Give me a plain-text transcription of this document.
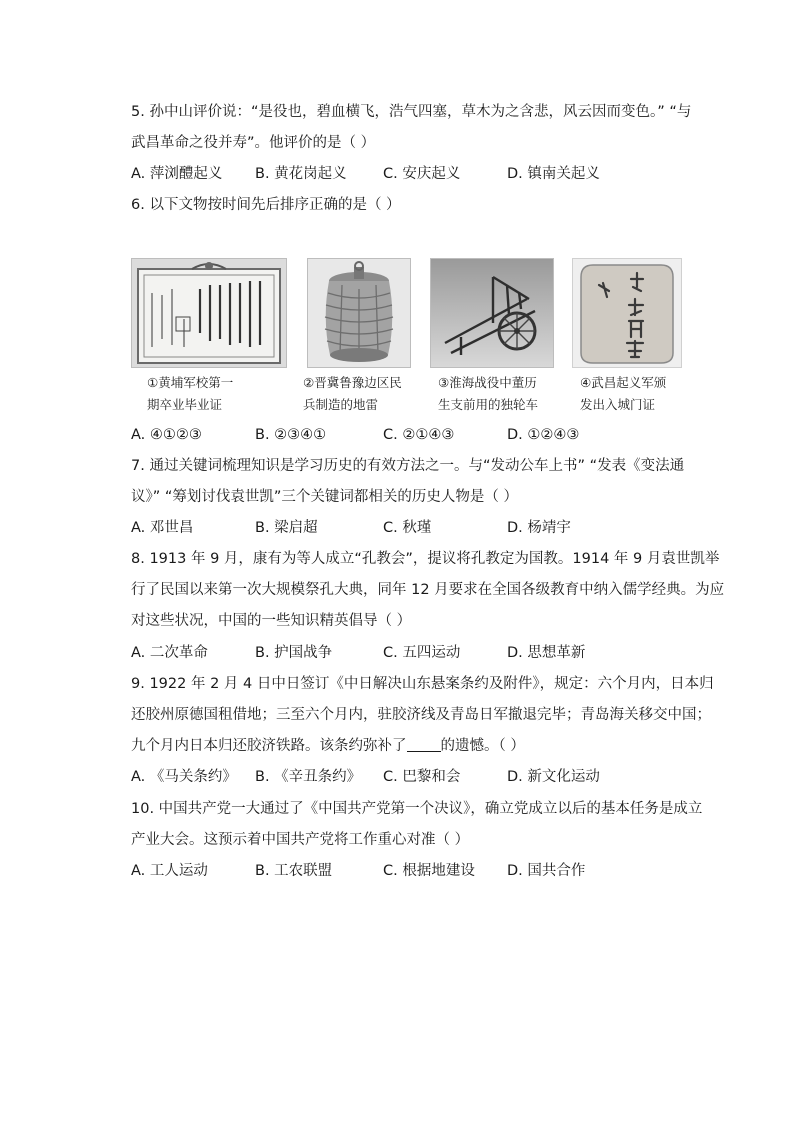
5. 孙中山评价说：“是役也，碧血横飞，浩气四塞，草木为之含悲，风云因而变色。” “与
武昌革命之役并寿”。他评价的是（ ）
A. 萍浏醴起义 B. 黄花岗起义	C. 安庆起义	D. 镇南关起义
6. 以下文物按时间先后排序正确的是（ ）
①黄埔军校第一
期卒业毕业证
②晋冀鲁豫边区民
兵制造的地雷
③淮海战役中董历
生支前用的独轮车
④武昌起义军颁
发出入城门证
A. ④①②③	B. ②③④①	C. ②①④③	D. ①②④③
7. 通过关键词梳理知识是学习历史的有效方法之一。与“发动公车上书” “发表《变法通
议》” “筹划讨伐袁世凯”三个关键词都相关的历史人物是（ ）
A. 邓世昌	B. 梁启超	C. 秋瑾	D. 杨靖宇
8. 1913 年 9 月，康有为等人成立“孔教会”，提议将孔教定为国教。1914 年 9 月袁世凯举
行了民国以来第一次大规模祭孔大典，同年 12 月要求在全国各级教育中纳入儒学经典。为应
对这些状况，中国的一些知识精英倡导（ ）
A. 二次革命	B. 护国战争	C. 五四运动	D. 思想革新
9. 1922 年 2 月 4 日中日签订《中日解决山东悬案条约及附件》，规定：六个月内，日本归
还胶州原德国租借地；三至六个月内，驻胶济线及青岛日军撤退完毕；青岛海关移交中国；
九个月内日本归还胶济铁路。该条约弥补了 的遗憾。（ ）
A. 《马关条约》 B. 《辛丑条约》 C. 巴黎和会	D. 新文化运动
10. 中国共产党一大通过了《中国共产党第一个决议》，确立党成立以后的基本任务是成立
产业大会。这预示着中国共产党将工作重心对准（ ）
A. 工人运动	B. 工农联盟	C. 根据地建设 D. 国共合作
